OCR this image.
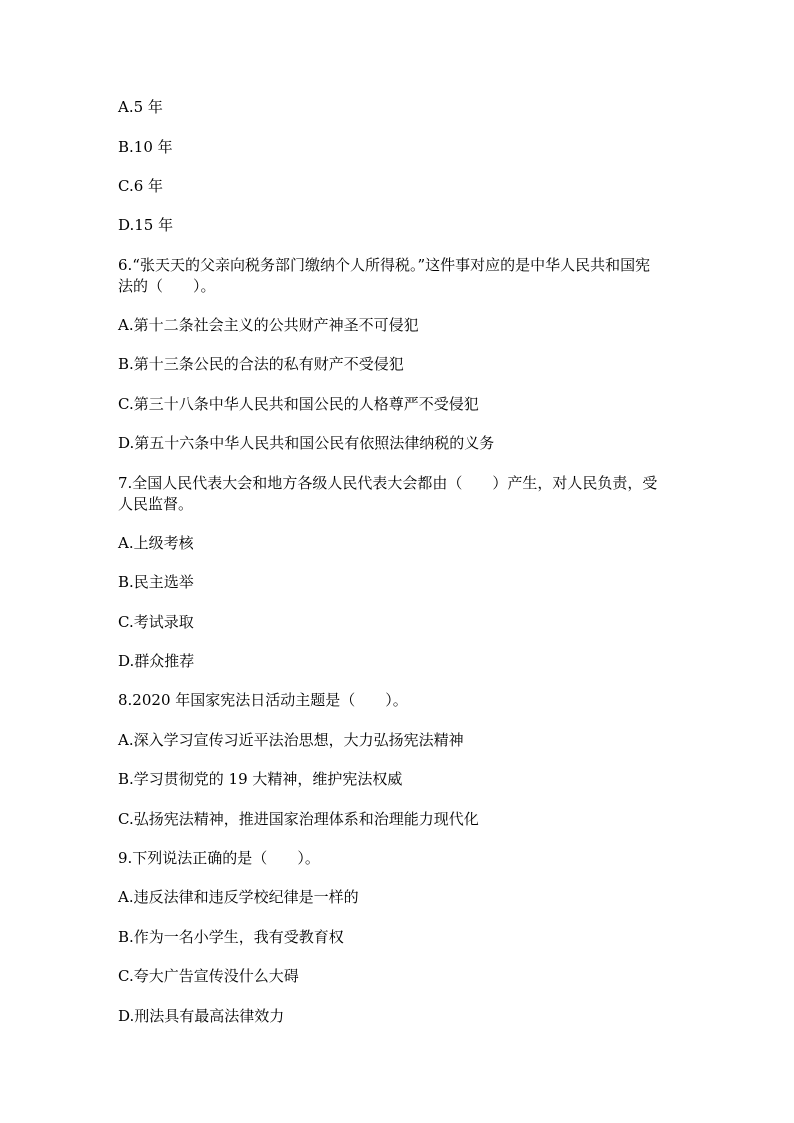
A.5 年
B.10 年
C.6 年
D.15 年
6.“张天天的父亲向税务部门缴纳个人所得税。”这件事对应的是中华人民共和国宪法的（　　）。
A.第十二条社会主义的公共财产神圣不可侵犯
B.第十三条公民的合法的私有财产不受侵犯
C.第三十八条中华人民共和国公民的人格尊严不受侵犯
D.第五十六条中华人民共和国公民有依照法律纳税的义务
7.全国人民代表大会和地方各级人民代表大会都由（　　）产生，对人民负责，受人民监督。
A.上级考核
B.民主选举
C.考试录取
D.群众推荐
8.2020 年国家宪法日活动主题是（　　）。
A.深入学习宣传习近平法治思想，大力弘扬宪法精神
B.学习贯彻党的 19 大精神，维护宪法权威
C.弘扬宪法精神，推进国家治理体系和治理能力现代化
9.下列说法正确的是（　　）。
A.违反法律和违反学校纪律是一样的
B.作为一名小学生，我有受教育权
C.夸大广告宣传没什么大碍
D.刑法具有最高法律效力
